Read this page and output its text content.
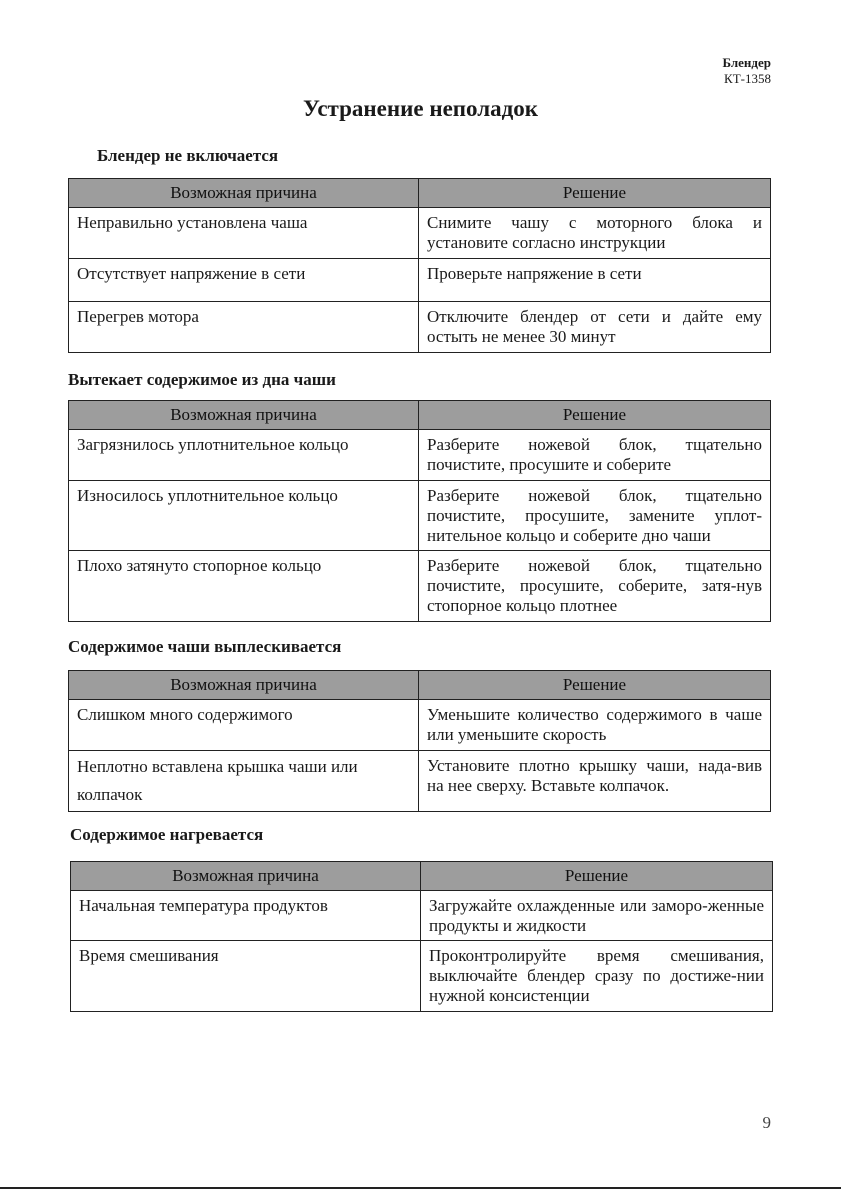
Блендер
КТ-1358
Устранение неполадок
Блендер не включается
Возможная причина	Решение
Неправильно установлена чаша	Снимите чашу с моторного блока и установите согласно инструкции
Отсутствует напряжение в сети	Проверьте напряжение в сети
Перегрев мотора	Отключите блендер от сети и дайте ему остыть не менее 30 минут
Вытекает содержимое из дна чаши
Возможная причина	Решение
Загрязнилось уплотнительное кольцо	Разберите ножевой блок, тщательно почистите, просушите и соберите
Износилось уплотнительное кольцо	Разберите ножевой блок, тщательно почистите, просушите, замените уплот-нительное кольцо и соберите дно чаши
Плохо затянуто стопорное кольцо	Разберите ножевой блок, тщательно почистите, просушите, соберите, затя-нув стопорное кольцо плотнее
Содержимое чаши выплескивается
Возможная причина	Решение
Слишком много содержимого	Уменьшите количество содержимого в чаше или уменьшите скорость
Неплотно вставлена крышка чаши или колпачок	Установите плотно крышку чаши, нада-вив на нее сверху. Вставьте колпачок.
Содержимое нагревается
Возможная причина	Решение
Начальная температура продуктов	Загружайте охлажденные или заморо-женные продукты и жидкости
Время смешивания	Проконтролируйте время смешивания, выключайте блендер сразу по достиже-нии нужной консистенции
9
